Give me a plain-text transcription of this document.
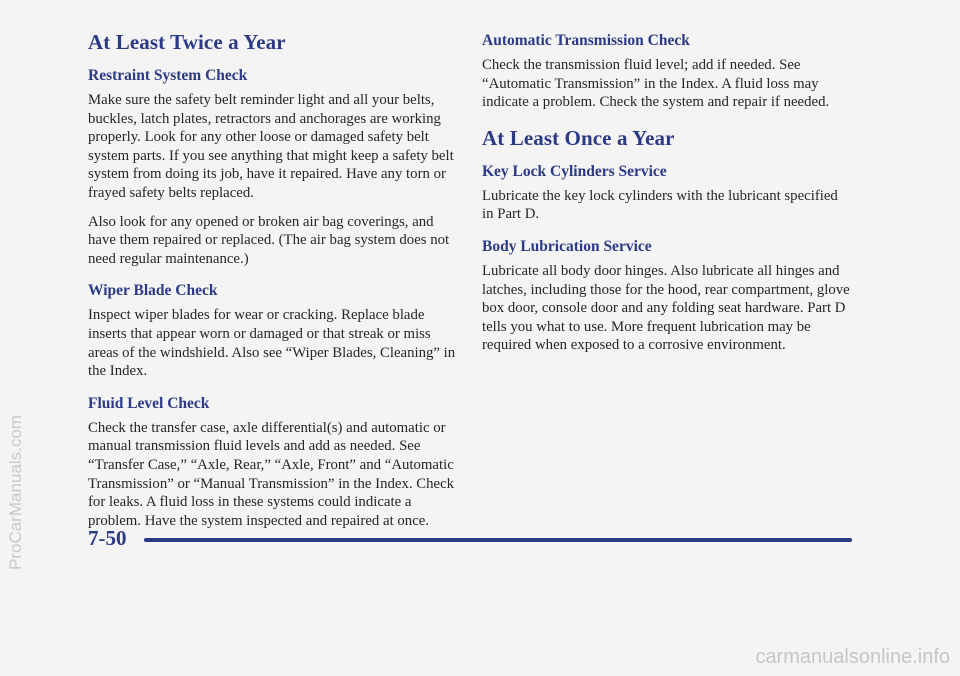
At Least Twice a Year
Restraint System Check

Make sure the safety belt reminder light and all your belts, buckles, latch plates, retractors and anchorages are working properly. Look for any other loose or damaged safety belt system parts. If you see anything that might keep a safety belt system from doing its job, have it repaired. Have any torn or frayed safety belts replaced.

Also look for any opened or broken air bag coverings, and have them repaired or replaced. (The air bag system does not need regular maintenance.)

Wiper Blade Check

Inspect wiper blades for wear or cracking. Replace blade inserts that appear worn or damaged or that streak or miss areas of the windshield. Also see “Wiper Blades, Cleaning” in the Index.

Fluid Level Check

Check the transfer case, axle differential(s) and automatic or manual transmission fluid levels and add as needed. See “Transfer Case,” “Axle, Rear,” “Axle, Front” and “Automatic Transmission” or “Manual Transmission” in the Index. Check for leaks. A fluid loss in these systems could indicate a problem. Have the system inspected and repaired at once.

Automatic Transmission Check

Check the transmission fluid level; add if needed. See “Automatic Transmission” in the Index. A fluid loss may indicate a problem. Check the system and repair if needed.

At Least Once a Year
Key Lock Cylinders Service

Lubricate the key lock cylinders with the lubricant specified in Part D.

Body Lubrication Service

Lubricate all body door hinges. Also lubricate all hinges and latches, including those for the hood, rear compartment, glove box door, console door and any folding seat hardware. Part D tells you what to use. More frequent lubrication may be required when exposed to a corrosive environment.

7-50
ProCarManuals.com
carmanualsonline.info
